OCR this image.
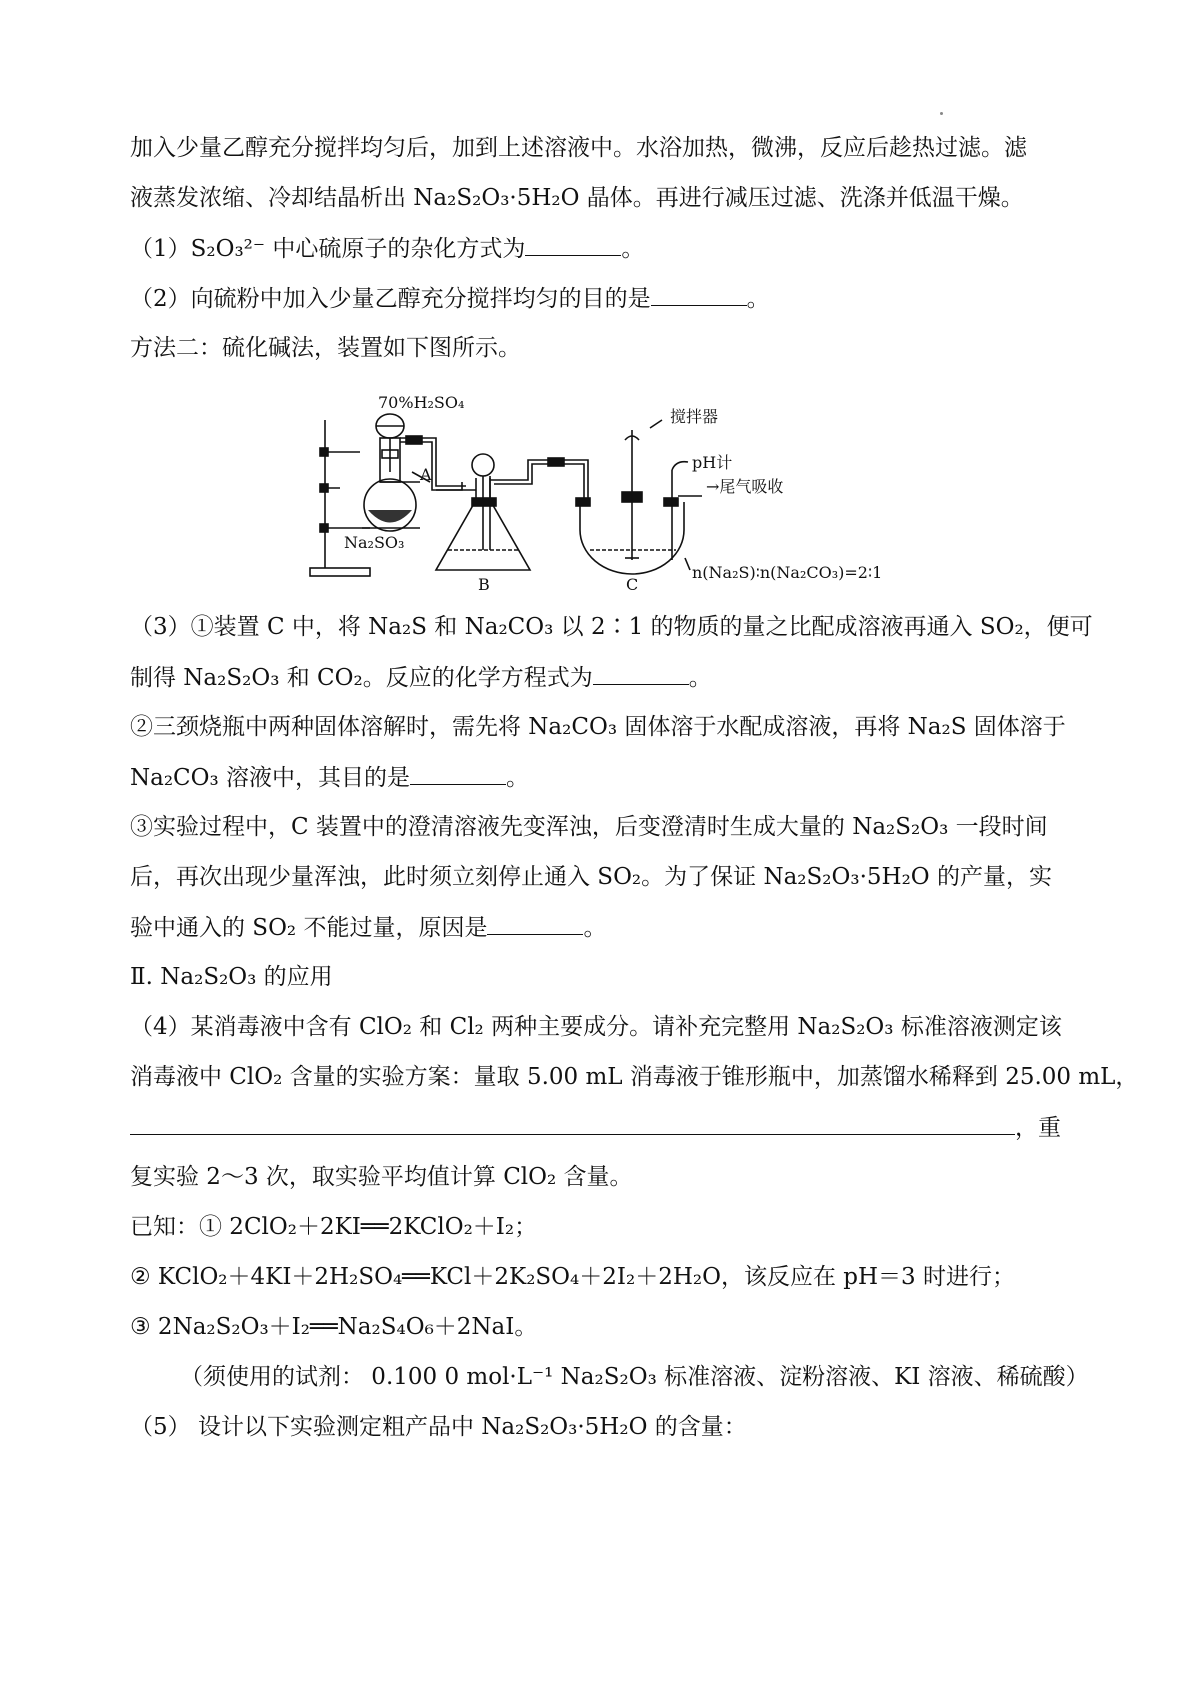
加入少量乙醇充分搅拌均匀后，加到上述溶液中。水浴加热，微沸，反应后趁热过滤。滤
液蒸发浓缩、冷却结晶析出 Na₂S₂O₃·5H₂O 晶体。再进行减压过滤、洗涤并低温干燥。
（1）S₂O₃²⁻ 中心硫原子的杂化方式为	。
（2）向硫粉中加入少量乙醇充分搅拌均匀的目的是	。
方法二：硫化碱法，装置如下图所示。
70%H₂SO₄
A
Na₂SO₃
B	C
搅拌器
pH计
→尾气吸收
n(Na₂S)∶n(Na₂CO₃)=2∶1
（3）①装置 C 中，将 Na₂S 和 Na₂CO₃ 以 2∶1 的物质的量之比配成溶液再通入 SO₂，便可
制得 Na₂S₂O₃ 和 CO₂。反应的化学方程式为	。
②三颈烧瓶中两种固体溶解时，需先将 Na₂CO₃ 固体溶于水配成溶液，再将 Na₂S 固体溶于
Na₂CO₃ 溶液中，其目的是	。
③实验过程中，C 装置中的澄清溶液先变浑浊，后变澄清时生成大量的 Na₂S₂O₃ 一段时间
后，再次出现少量浑浊，此时须立刻停止通入 SO₂。为了保证 Na₂S₂O₃·5H₂O 的产量，实
验中通入的 SO₂ 不能过量，原因是	。
Ⅱ. Na₂S₂O₃ 的应用
（4）某消毒液中含有 ClO₂ 和 Cl₂ 两种主要成分。请补充完整用 Na₂S₂O₃ 标准溶液测定该
消毒液中 ClO₂ 含量的实验方案：量取 5.00 mL 消毒液于锥形瓶中，加蒸馏水稀释到 25.00 mL，
，重
复实验 2～3 次，取实验平均值计算 ClO₂ 含量。
已知：① 2ClO₂＋2KI══2KClO₂＋I₂；
② KClO₂＋4KI＋2H₂SO₄══KCl＋2K₂SO₄＋2I₂＋2H₂O，该反应在 pH＝3 时进行；
③ 2Na₂S₂O₃＋I₂══Na₂S₄O₆＋2NaI。
（须使用的试剂： 0.100 0 mol·L⁻¹ Na₂S₂O₃ 标准溶液、淀粉溶液、KI 溶液、稀硫酸）
（5） 设计以下实验测定粗产品中 Na₂S₂O₃·5H₂O 的含量：
